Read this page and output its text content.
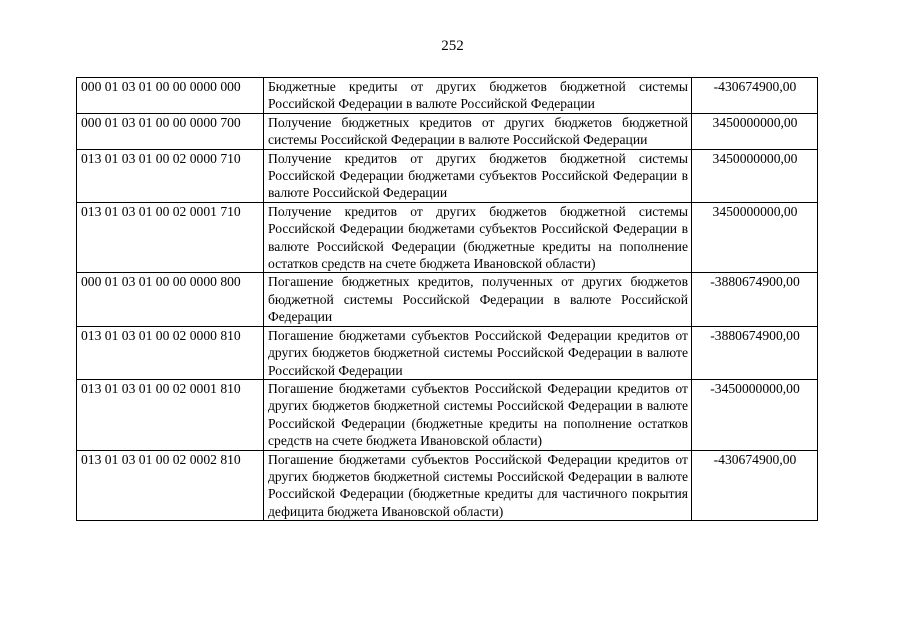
252
000 01 03 01 00 00 0000 000	Бюджетные кредиты от других бюджетов бюджетной системы Российской Федерации в валюте Российской Федерации	-430674900,00
000 01 03 01 00 00 0000 700	Получение бюджетных кредитов от других бюджетов бюджетной системы Российской Федерации в валюте Российской Федерации	3450000000,00
013 01 03 01 00 02 0000 710	Получение кредитов от других бюджетов бюджетной системы Российской Федерации бюджетами субъектов Российской Федерации в валюте Российской Федерации	3450000000,00
013 01 03 01 00 02 0001 710	Получение кредитов от других бюджетов бюджетной системы Российской Федерации бюджетами субъектов Российской Федерации в валюте Российской Федерации (бюджетные кредиты на пополнение остатков средств на счете бюджета Ивановской области)	3450000000,00
000 01 03 01 00 00 0000 800	Погашение бюджетных кредитов, полученных от других бюджетов бюджетной системы Российской Федерации в валюте Российской Федерации	-3880674900,00
013 01 03 01 00 02 0000 810	Погашение бюджетами субъектов Российской Федерации кредитов от других бюджетов бюджетной системы Российской Федерации в валюте Российской Федерации	-3880674900,00
013 01 03 01 00 02 0001 810	Погашение бюджетами субъектов Российской Федерации кредитов от других бюджетов бюджетной системы Российской Федерации в валюте Российской Федерации (бюджетные кредиты на пополнение остатков средств на счете бюджета Ивановской области)	-3450000000,00
013 01 03 01 00 02 0002 810	Погашение бюджетами субъектов Российской Федерации кредитов от других бюджетов бюджетной системы Российской Федерации в валюте Российской Федерации (бюджетные кредиты для частичного покрытия дефицита бюджета Ивановской области)	-430674900,00
